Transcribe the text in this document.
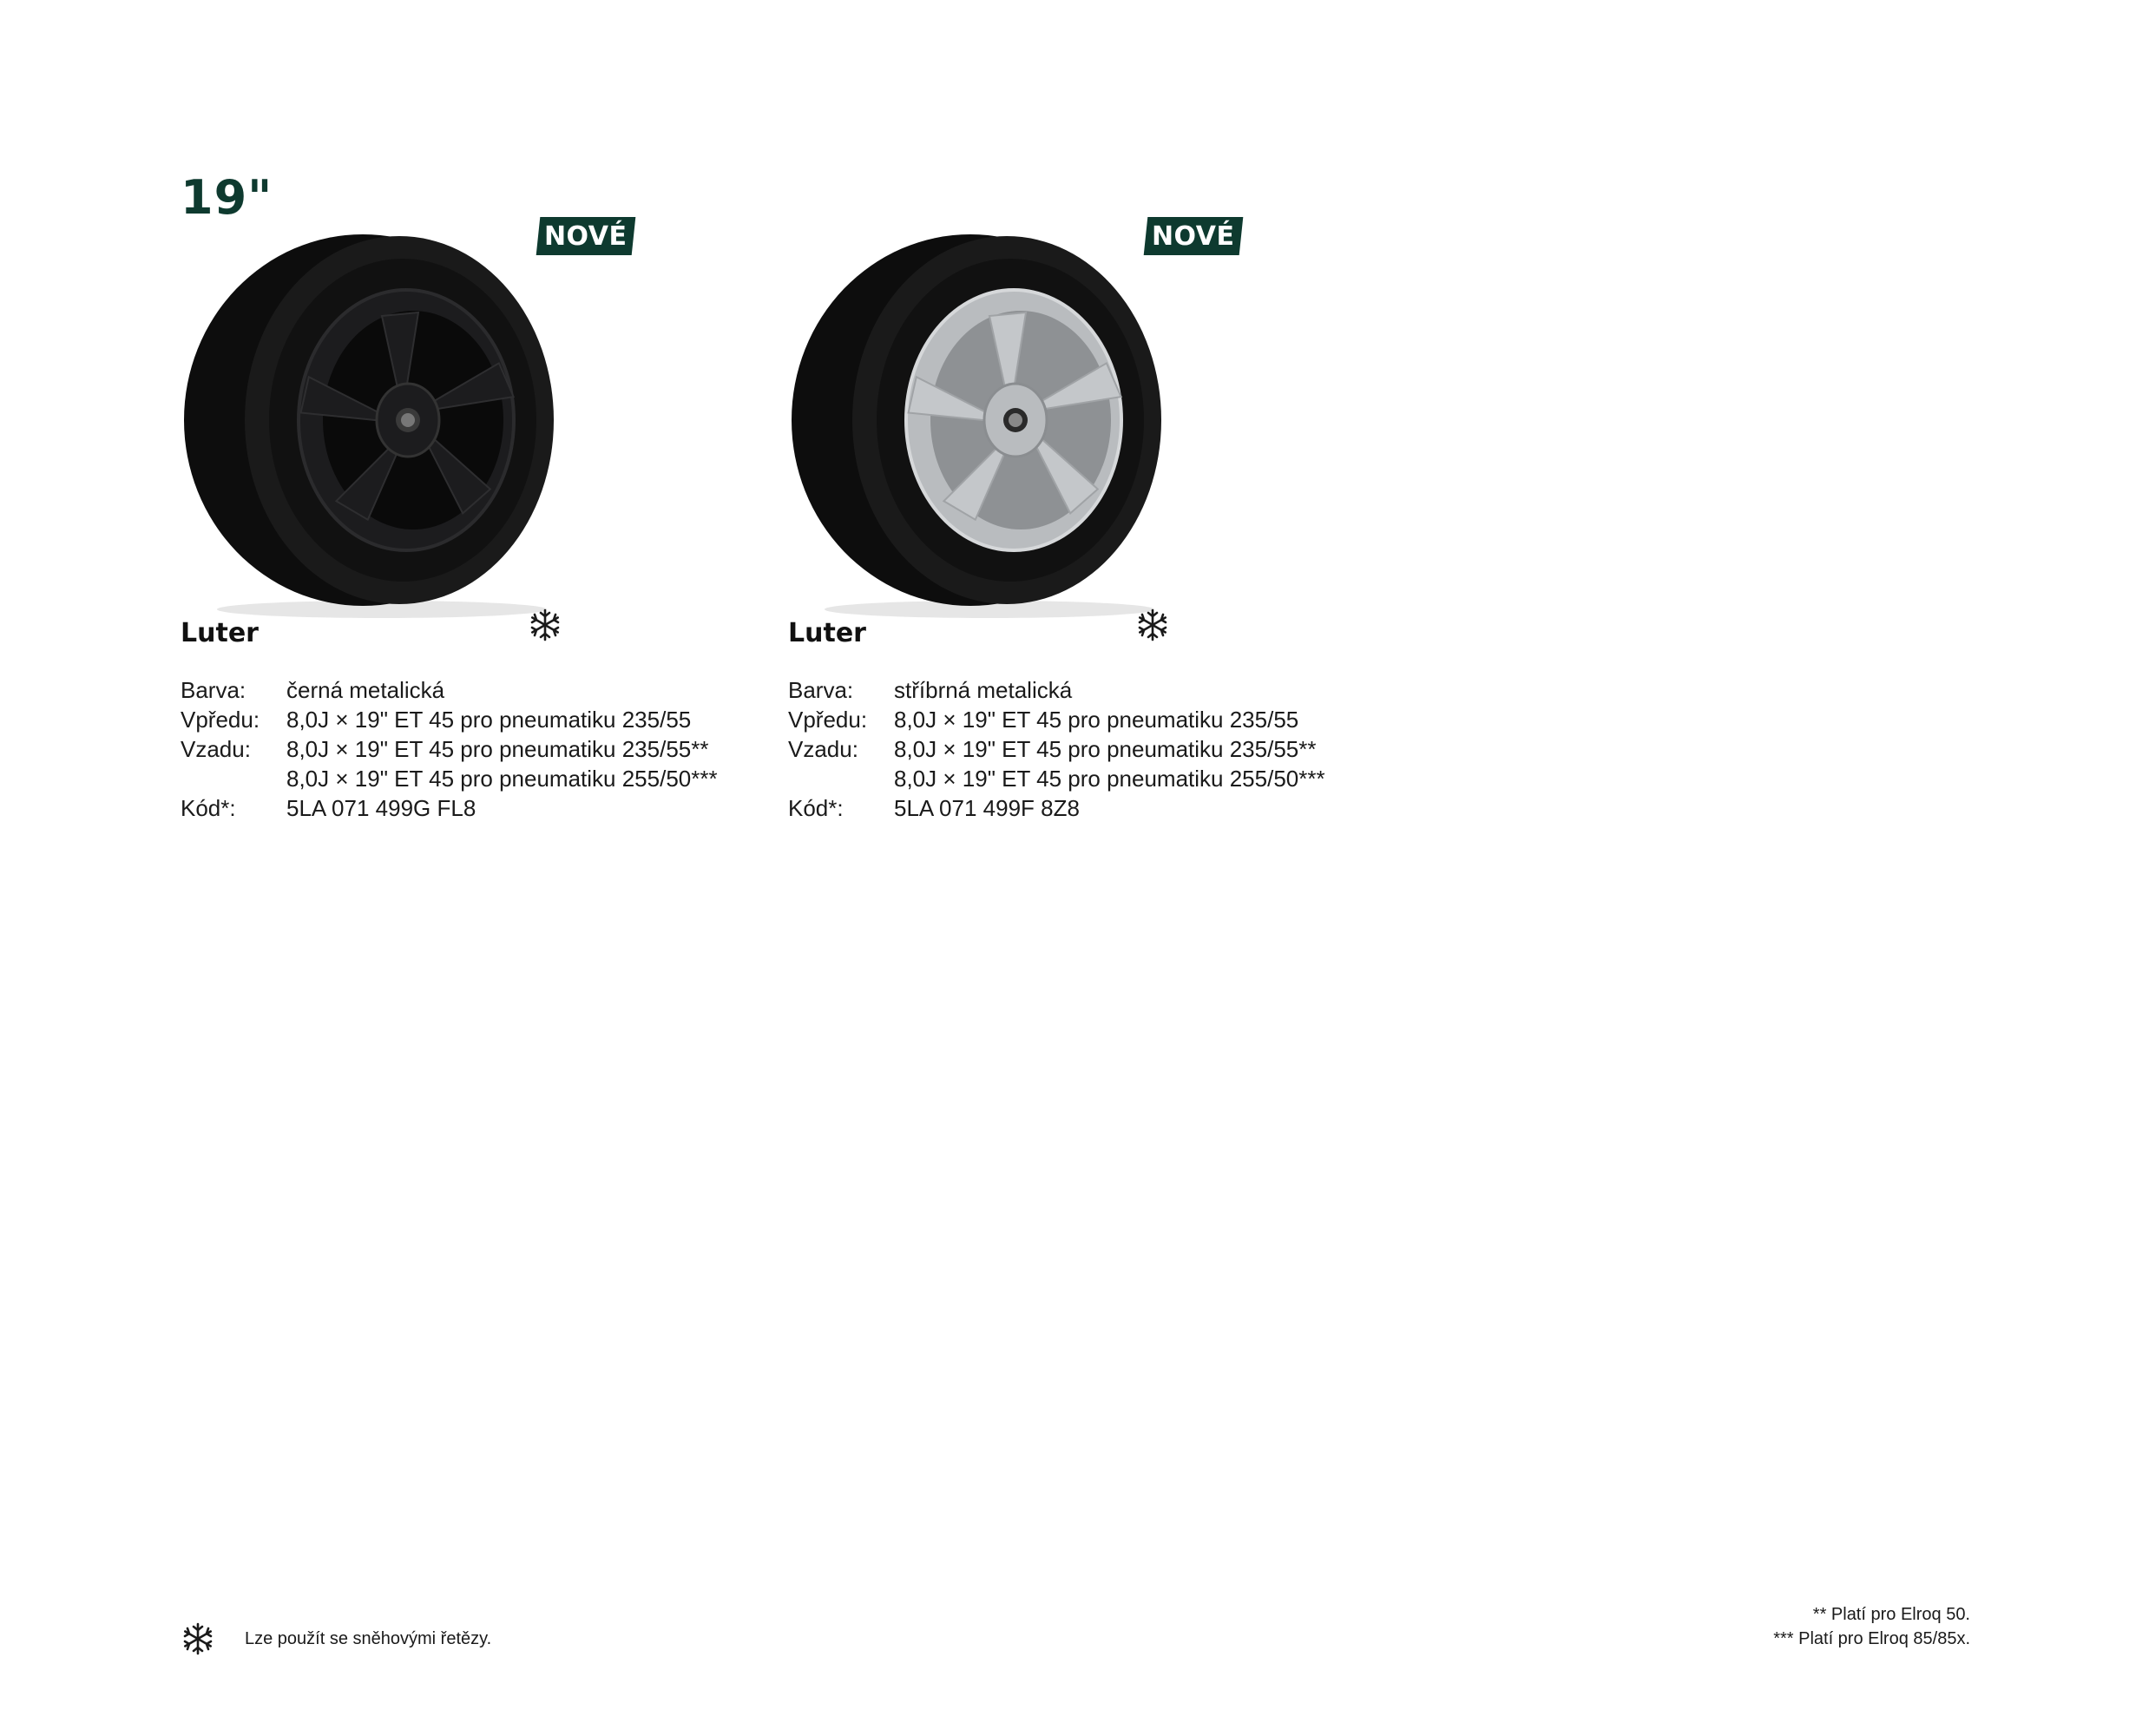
19"
NOVÉ
Luter
Barva:	černá metalická
Vpředu:	8,0J × 19" ET 45 pro pneumatiku 235/55
Vzadu:	8,0J × 19" ET 45 pro pneumatiku 235/55**
8,0J × 19" ET 45 pro pneumatiku 255/50***
Kód*:	5LA 071 499G FL8
NOVÉ
Luter
Barva:	stříbrná metalická
Vpředu:	8,0J × 19" ET 45 pro pneumatiku 235/55
Vzadu:	8,0J × 19" ET 45 pro pneumatiku 235/55**
8,0J × 19" ET 45 pro pneumatiku 255/50***
Kód*:	5LA 071 499F 8Z8
Lze použít se sněhovými řetězy.
** Platí pro Elroq 50.
*** Platí pro Elroq 85/85x.
